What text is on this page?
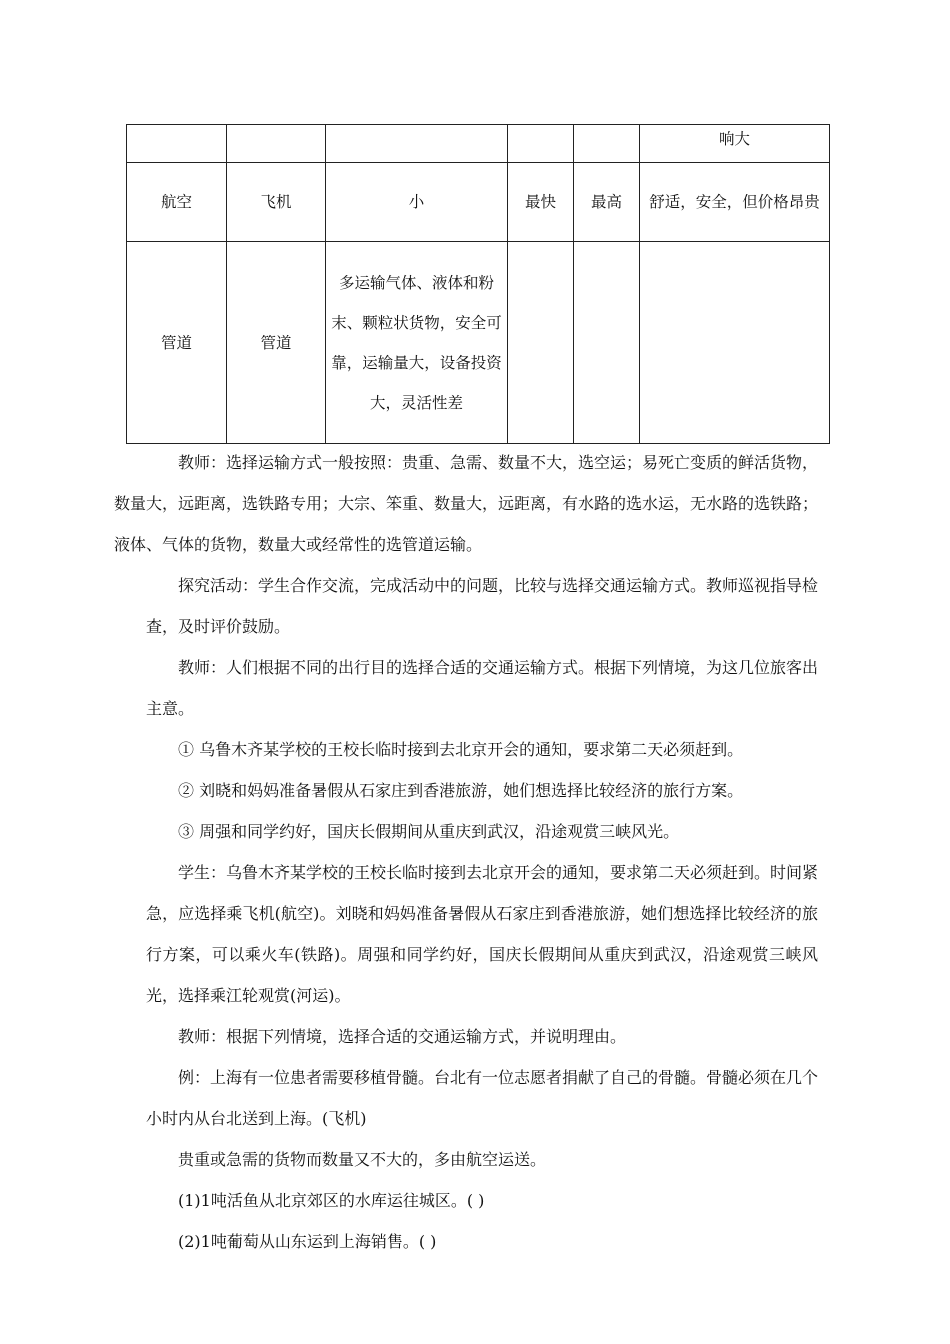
					响大
航空	飞机	小	最快	最高	舒适，安全，但价格昂贵

管道	管道	多运输气体、液体和粉末、颗粒状货物，安全可靠，运输量大，设备投资大，灵活性差			

教师：选择运输方式一般按照：贵重、急需、数量不大，选空运；易死亡变质的鲜活货物，数量大，远距离，选铁路专用；大宗、笨重、数量大，远距离，有水路的选水运，无水路的选铁路；液体、气体的货物，数量大或经常性的选管道运输。

探究活动：学生合作交流，完成活动中的问题，比较与选择交通运输方式。教师巡视指导检查，及时评价鼓励。

教师：人们根据不同的出行目的选择合适的交通运输方式。根据下列情境，为这几位旅客出主意。

① 乌鲁木齐某学校的王校长临时接到去北京开会的通知，要求第二天必须赶到。

② 刘晓和妈妈准备暑假从石家庄到香港旅游，她们想选择比较经济的旅行方案。

③ 周强和同学约好，国庆长假期间从重庆到武汉，沿途观赏三峡风光。

学生：乌鲁木齐某学校的王校长临时接到去北京开会的通知，要求第二天必须赶到。时间紧急，应选择乘飞机(航空)。刘晓和妈妈准备暑假从石家庄到香港旅游，她们想选择比较经济的旅行方案，可以乘火车(铁路)。周强和同学约好，国庆长假期间从重庆到武汉，沿途观赏三峡风光，选择乘江轮观赏(河运)。

教师：根据下列情境，选择合适的交通运输方式，并说明理由。

例：上海有一位患者需要移植骨髓。台北有一位志愿者捐献了自己的骨髓。骨髓必须在几个小时内从台北送到上海。(飞机)

贵重或急需的货物而数量又不大的，多由航空运送。

(1)1吨活鱼从北京郊区的水库运往城区。( )

(2)1吨葡萄从山东运到上海销售。( )
